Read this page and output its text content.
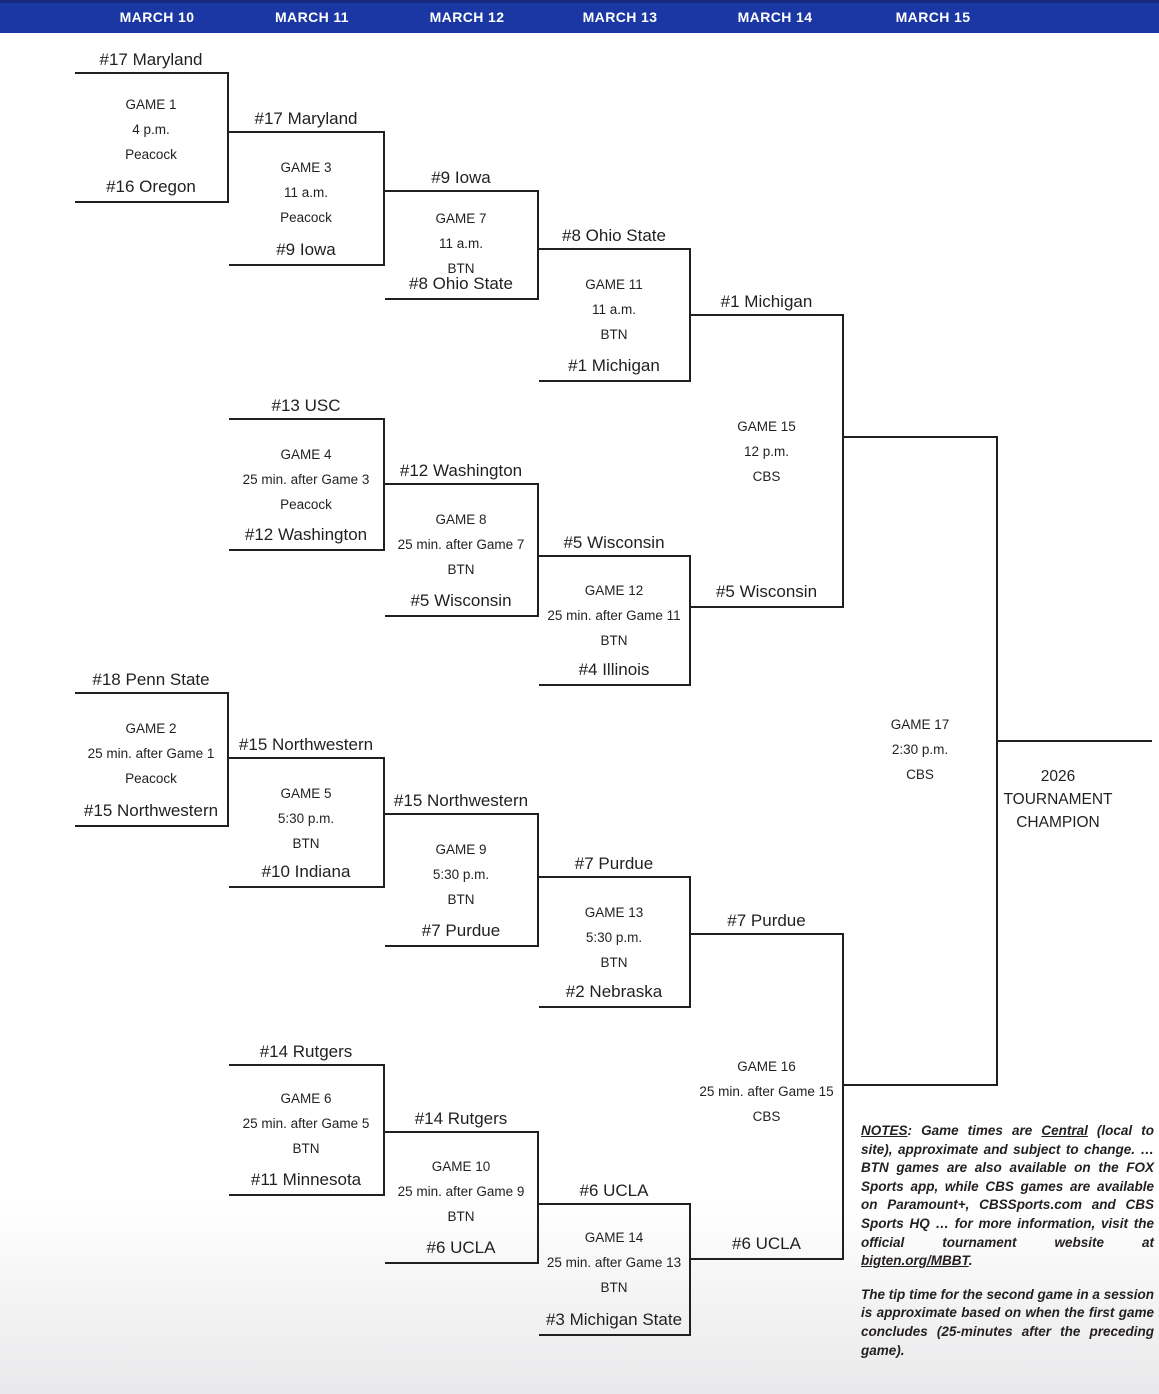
MARCH 10	MARCH 11	MARCH 12	MARCH 13	MARCH 14	MARCH 15
#17 Maryland
GAME 1
4 p.m.
Peacock
#16 Oregon
#18 Penn State
GAME 2
25 min. after Game 1
Peacock
#15 Northwestern
#17 Maryland
GAME 3
11 a.m.
Peacock
#9 Iowa
#13 USC
GAME 4
25 min. after Game 3
Peacock
#12 Washington
#15 Northwestern
GAME 5
5:30 p.m.
BTN
#10 Indiana
#14 Rutgers
GAME 6
25 min. after Game 5
BTN
#11 Minnesota
#9 Iowa
GAME 7
11 a.m.
BTN
#8 Ohio State
#12 Washington
GAME 8
25 min. after Game 7
BTN
#5 Wisconsin
#15 Northwestern
GAME 9
5:30 p.m.
BTN
#7 Purdue
#14 Rutgers
GAME 10
25 min. after Game 9
BTN
#6 UCLA
#8 Ohio State
GAME 11
11 a.m.
BTN
#1 Michigan
#5 Wisconsin
GAME 12
25 min. after Game 11
BTN
#4 Illinois
#7 Purdue
GAME 13
5:30 p.m.
BTN
#2 Nebraska
#6 UCLA
GAME 14
25 min. after Game 13
BTN
#3 Michigan State
#1 Michigan
GAME 15
12 p.m.
CBS
#5 Wisconsin
#7 Purdue
GAME 16
25 min. after Game 15
CBS
#6 UCLA
GAME 17
2:30 p.m.
CBS	2026
TOURNAMENT
CHAMPION

NOTES: Game times are Central (local to site), approximate and subject to change. … BTN games are also available on the FOX Sports app, while CBS games are available on Paramount+, CBSSports.com and CBS Sports HQ … for more information, visit the official tournament website at bigten.org/MBBT.

The tip time for the second game in a session is approximate based on when the first game concludes (25-minutes after the preceding game).
